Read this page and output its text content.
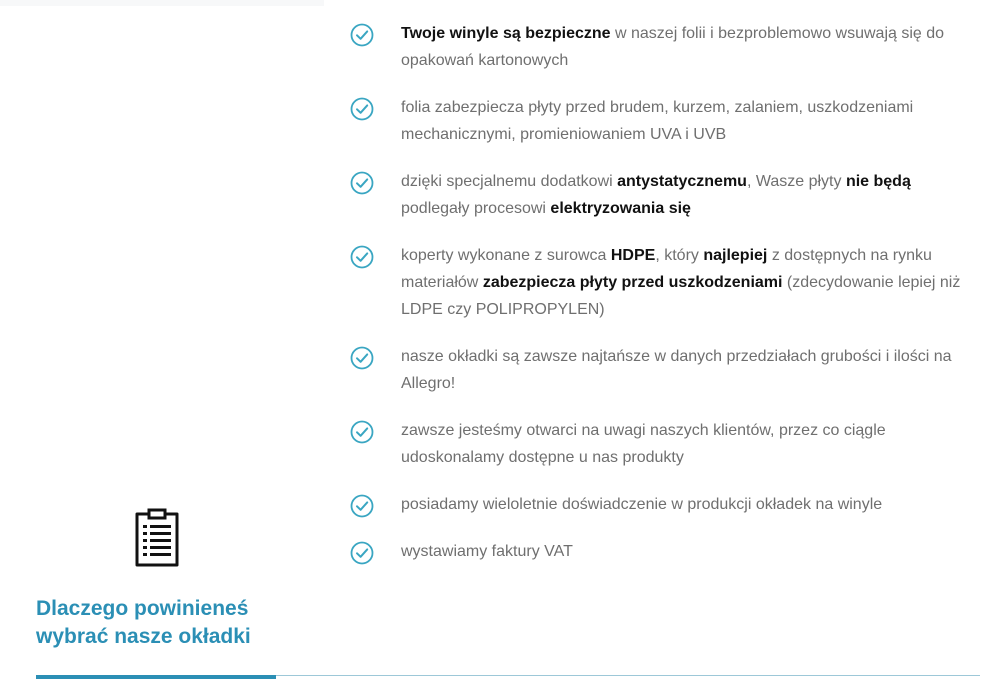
Dlaczego powinieneś
wybrać nasze okładki
Twoje winyle są bezpieczne w naszej folii i bezproblemowo wsuwają się do opakowań kartonowych
folia zabezpiecza płyty przed brudem, kurzem, zalaniem, uszkodzeniami mechanicznymi, promieniowaniem UVA i UVB
dzięki specjalnemu dodatkowi antystatycznemu, Wasze płyty nie będą podlegały procesowi elektryzowania się
koperty wykonane z surowca HDPE, który najlepiej z dostępnych na rynku materiałów zabezpiecza płyty przed uszkodzeniami (zdecydowanie lepiej niż LDPE czy POLIPROPYLEN)
nasze okładki są zawsze najtańsze w danych przedziałach grubości i ilości na Allegro!
zawsze jesteśmy otwarci na uwagi naszych klientów, przez co ciągle udoskonalamy dostępne u nas produkty
posiadamy wieloletnie doświadczenie w produkcji okładek na winyle
wystawiamy faktury VAT
